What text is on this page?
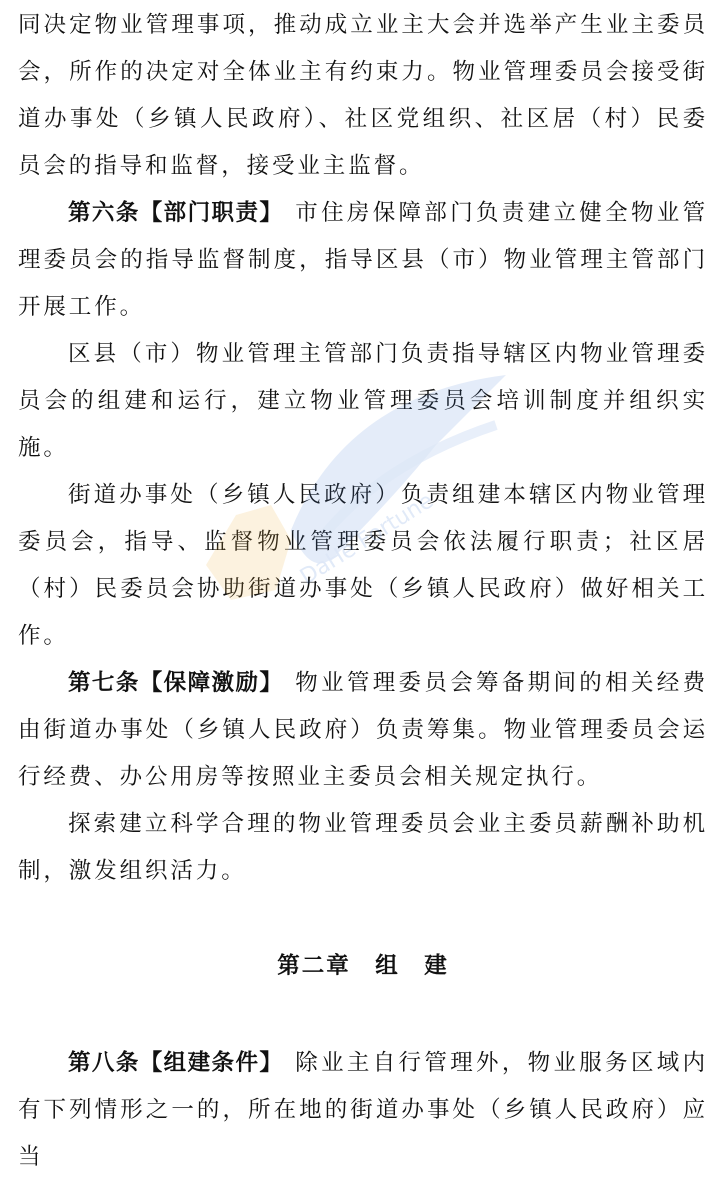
同决定物业管理事项，推动成立业主大会并选举产生业主委员会，所作的决定对全体业主有约束力。物业管理委员会接受街道办事处（乡镇人民政府）、社区党组织、社区居（村）民委员会的指导和监督，接受业主监督。

第六条【部门职责】 市住房保障部门负责建立健全物业管理委员会的指导监督制度，指导区县（市）物业管理主管部门开展工作。

区县（市）物业管理主管部门负责指导辖区内物业管理委员会的组建和运行，建立物业管理委员会培训制度并组织实施。

街道办事处（乡镇人民政府）负责组建本辖区内物业管理委员会，指导、监督物业管理委员会依法履行职责；社区居（村）民委员会协助街道办事处（乡镇人民政府）做好相关工作。

第七条【保障激励】 物业管理委员会筹备期间的相关经费由街道办事处（乡镇人民政府）负责筹集。物业管理委员会运行经费、办公用房等按照业主委员会相关规定执行。

探索建立科学合理的物业管理委员会业主委员薪酬补助机制，激发组织活力。

第二章　组　建

第八条【组建条件】 除业主自行管理外，物业服务区域内有下列情形之一的，所在地的街道办事处（乡镇人民政府）应当

DaHe Fortune
